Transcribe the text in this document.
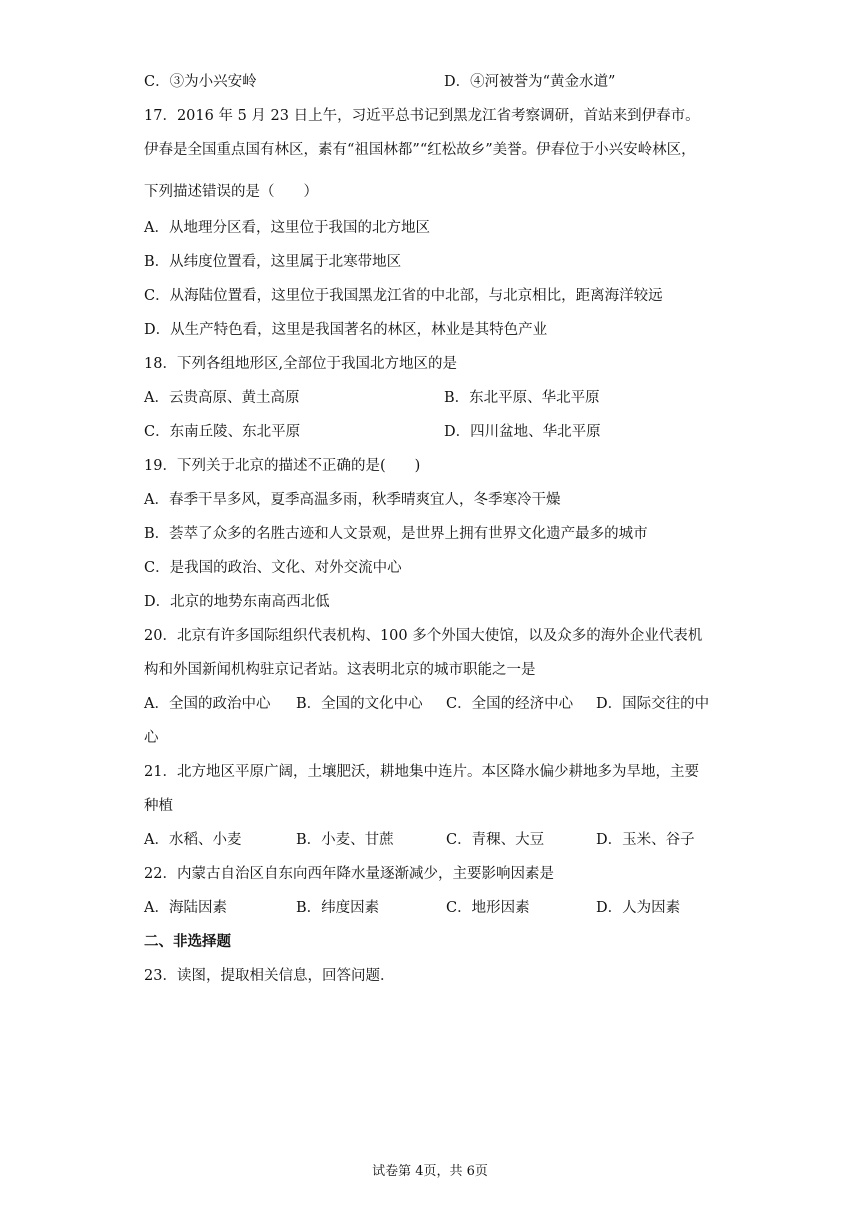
C．③为小兴安岭	D．④河被誉为“黄金水道”
17．2016 年 5 月 23 日上午，习近平总书记到黑龙江省考察调研，首站来到伊春市。
伊春是全国重点国有林区，素有“祖国林都”“红松故乡”美誉。伊春位于小兴安岭林区，
下列描述错误的是（　　）
A．从地理分区看，这里位于我国的北方地区
B．从纬度位置看，这里属于北寒带地区
C．从海陆位置看，这里位于我国黑龙江省的中北部，与北京相比，距离海洋较远
D．从生产特色看，这里是我国著名的林区，林业是其特色产业
18．下列各组地形区,全部位于我国北方地区的是
A．云贵高原、黄土高原	B．东北平原、华北平原
C．东南丘陵、东北平原	D．四川盆地、华北平原
19．下列关于北京的描述不正确的是(　　)
A．春季干旱多风，夏季高温多雨，秋季晴爽宜人，冬季寒冷干燥
B．荟萃了众多的名胜古迹和人文景观，是世界上拥有世界文化遗产最多的城市
C．是我国的政治、文化、对外交流中心
D．北京的地势东南高西北低
20．北京有许多国际组织代表机构、100 多个外国大使馆，以及众多的海外企业代表机
构和外国新闻机构驻京记者站。这表明北京的城市职能之一是
A．全国的政治中心 B．全国的文化中心 C．全国的经济中心 D．国际交往的中
心
21．北方地区平原广阔，土壤肥沃，耕地集中连片。本区降水偏少耕地多为旱地，主要
种植
A．水稻、小麦	B．小麦、甘蔗	C．青稞、大豆	D．玉米、谷子
22．内蒙古自治区自东向西年降水量逐渐减少，主要影响因素是
A．海陆因素	B．纬度因素	C．地形因素	D．人为因素
二、非选择题
23．读图，提取相关信息，回答问题．
试卷第 4页，共 6页
